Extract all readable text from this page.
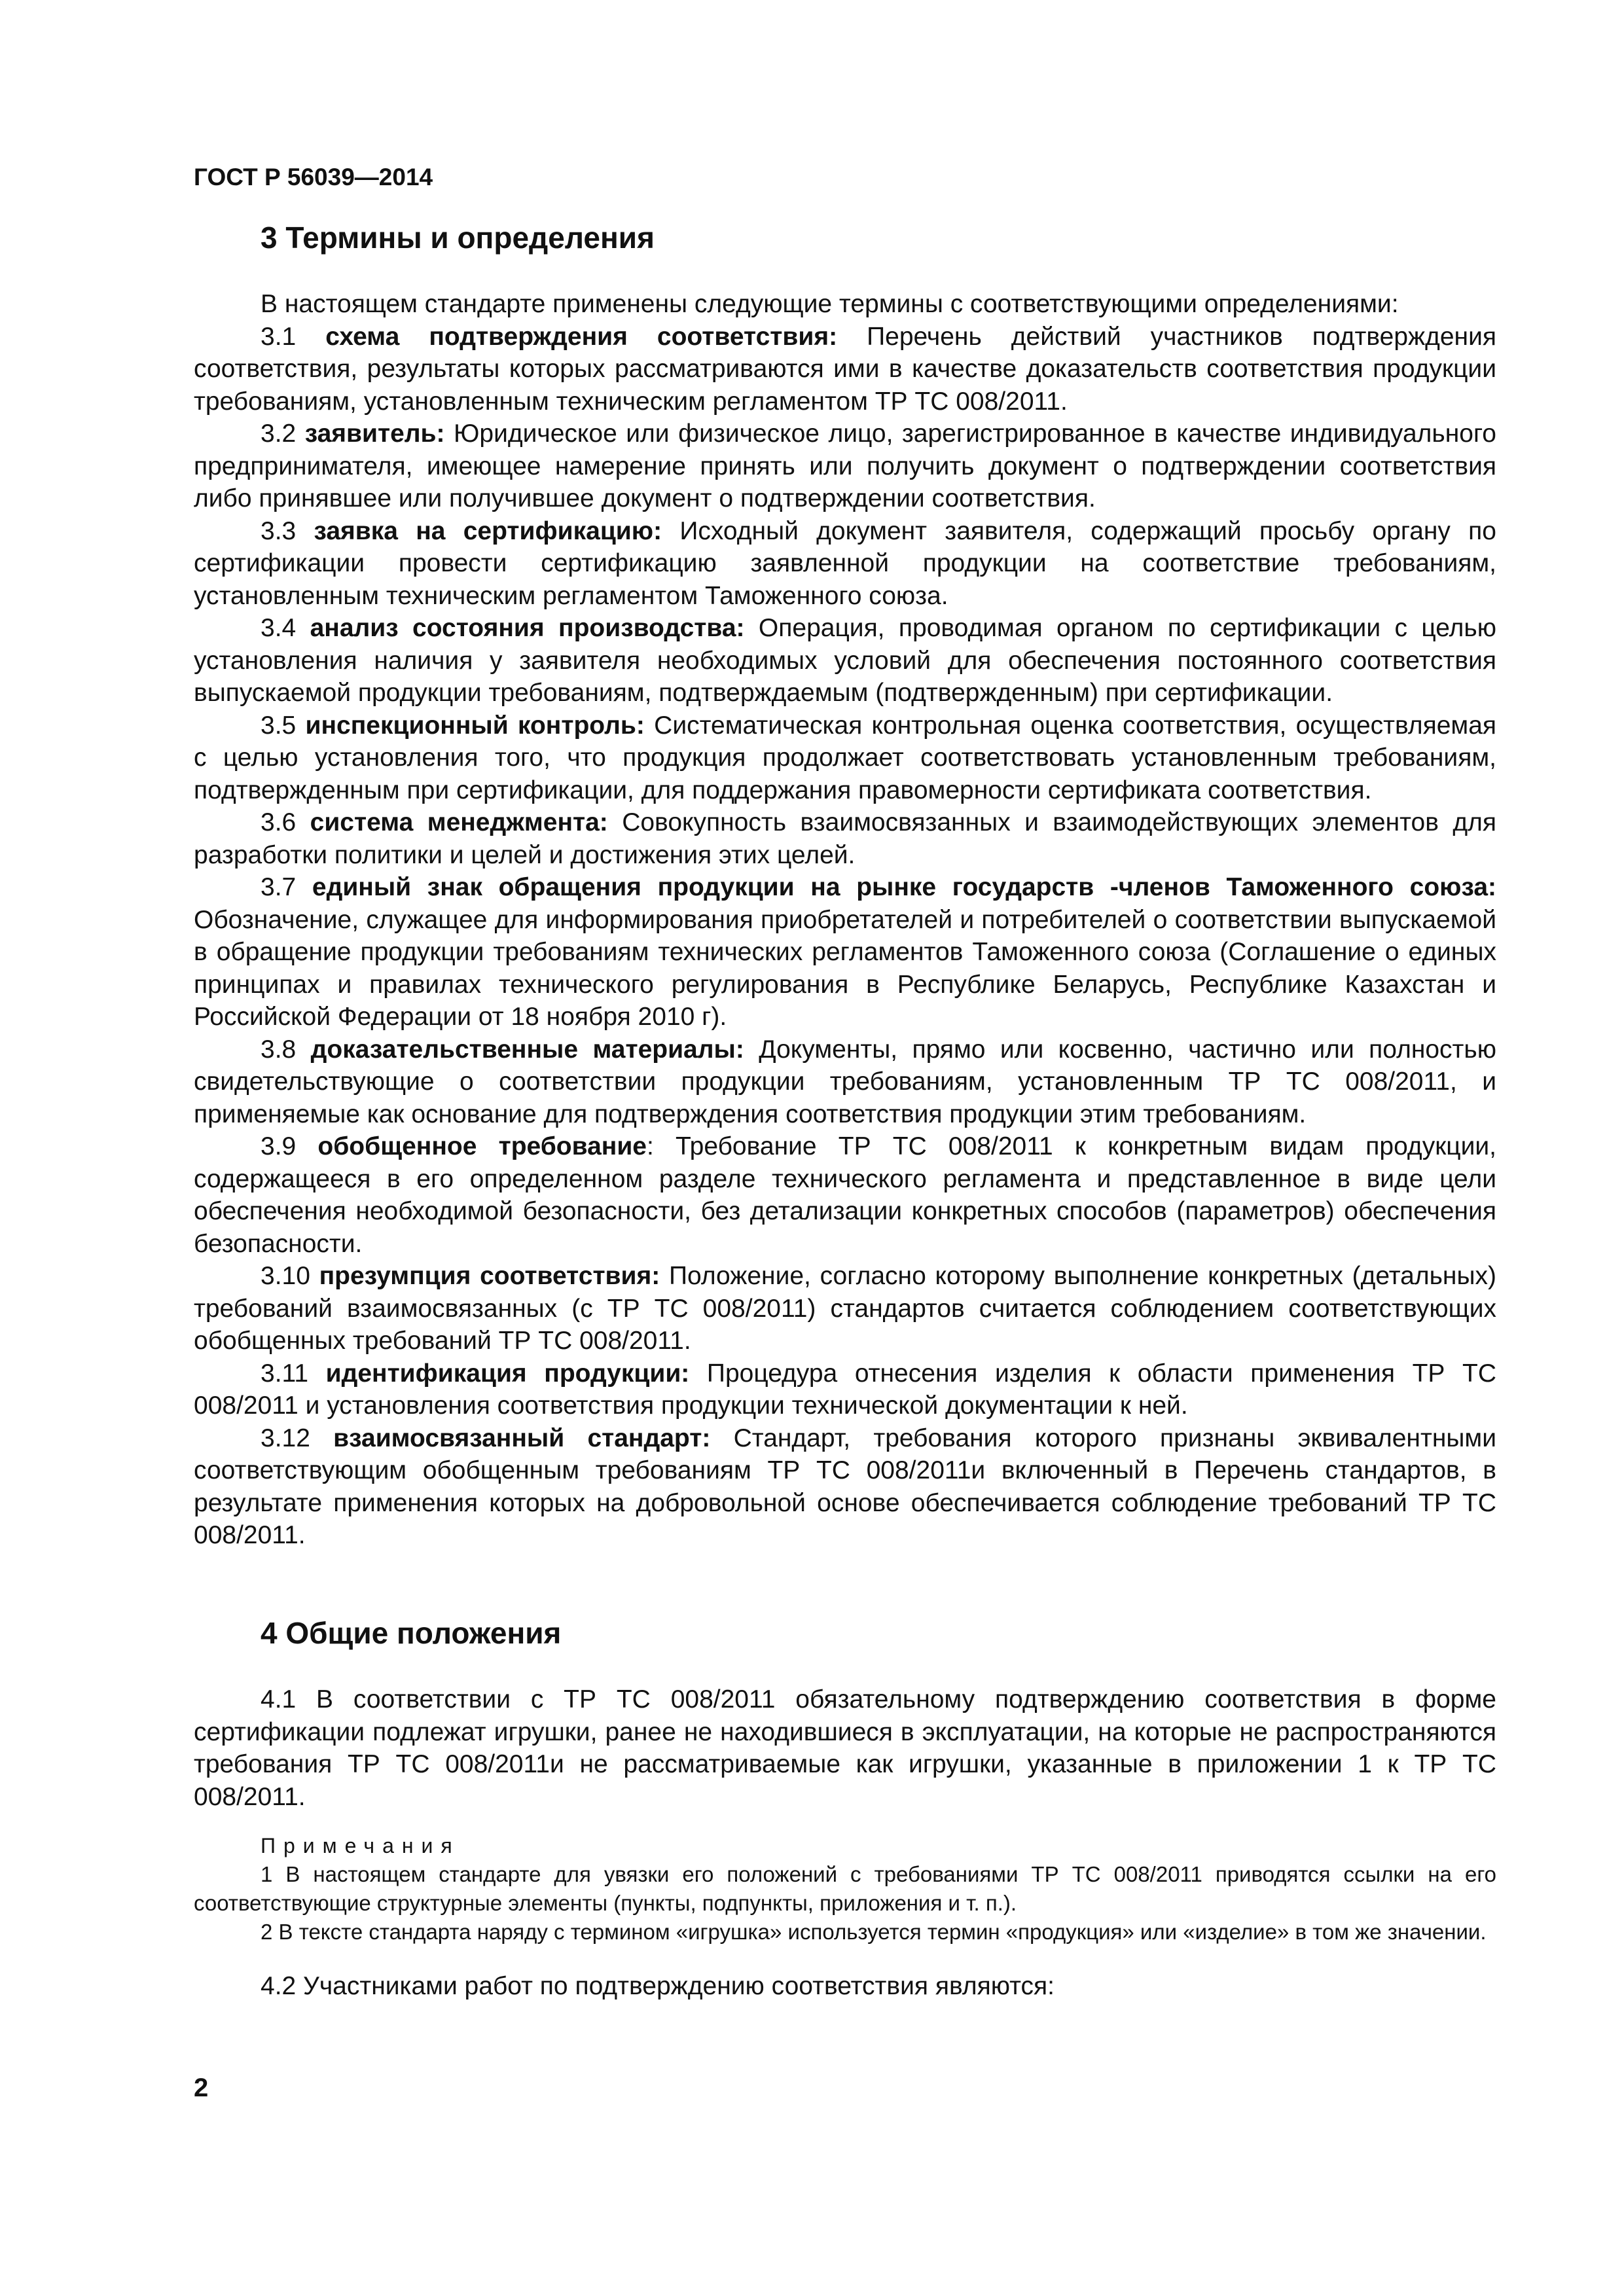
ГОСТ Р 56039—2014
3 Термины и определения

В настоящем стандарте применены следующие термины с соответствующими определениями:

3.1 схема подтверждения соответствия: Перечень действий участников подтверждения соответствия, результаты которых рассматриваются ими в качестве доказательств соответствия продукции требованиям, установленным техническим регламентом ТР ТС 008/2011.

3.2 заявитель: Юридическое или физическое лицо, зарегистрированное в качестве индивидуального предпринимателя, имеющее намерение принять или получить документ о подтверждении соответствия либо принявшее или получившее документ о подтверждении соответствия.

3.3 заявка на сертификацию: Исходный документ заявителя, содержащий просьбу органу по сертификации провести сертификацию заявленной продукции на соответствие требованиям, установленным техническим регламентом Таможенного союза.

3.4 анализ состояния производства: Операция, проводимая органом по сертификации с целью установления наличия у заявителя необходимых условий для обеспечения постоянного соответствия выпускаемой продукции требованиям, подтверждаемым (подтвержденным) при сертификации.

3.5 инспекционный контроль: Систематическая контрольная оценка соответствия, осуществляемая с целью установления того, что продукция продолжает соответствовать установленным требованиям, подтвержденным при сертификации, для поддержания правомерности сертификата соответствия.

3.6 система менеджмента: Совокупность взаимосвязанных и взаимодействующих элементов для разработки политики и целей и достижения этих целей.

3.7 единый знак обращения продукции на рынке государств -членов Таможенного союза: Обозначение, служащее для информирования приобретателей и потребителей о соответствии выпускаемой в обращение продукции требованиям технических регламентов Таможенного союза (Соглашение о единых принципах и правилах технического регулирования в Республике Беларусь, Республике Казахстан и Российской Федерации от 18 ноября 2010 г).

3.8 доказательственные материалы: Документы, прямо или косвенно, частично или полностью свидетельствующие о соответствии продукции требованиям, установленным ТР ТС 008/2011, и применяемые как основание для подтверждения соответствия продукции этим требованиям.

3.9 обобщенное требование: Требование ТР ТС 008/2011 к конкретным видам продукции, содержащееся в его определенном разделе технического регламента и представленное в виде цели обеспечения необходимой безопасности, без детализации конкретных способов (параметров) обеспечения безопасности.

3.10 презумпция соответствия: Положение, согласно которому выполнение конкретных (детальных) требований взаимосвязанных (с ТР ТС 008/2011) стандартов считается соблюдением соответствующих обобщенных требований ТР ТС 008/2011.

3.11 идентификация продукции: Процедура отнесения изделия к области применения ТР ТС 008/2011 и установления соответствия продукции технической документации к ней.

3.12 взаимосвязанный стандарт: Стандарт, требования которого признаны эквивалентными соответствующим обобщенным требованиям ТР ТС 008/2011и включенный в Перечень стандартов, в результате применения которых на добровольной основе обеспечивается соблюдение требований ТР ТС 008/2011.

4 Общие положения

4.1 В соответствии с ТР ТС 008/2011 обязательному подтверждению соответствия в форме сертификации подлежат игрушки, ранее не находившиеся в эксплуатации, на которые не распространяются требования ТР ТС 008/2011и не рассматриваемые как игрушки, указанные в приложении 1 к ТР ТС 008/2011.

Примечания

1 В настоящем стандарте для увязки его положений с требованиями ТР ТС 008/2011 приводятся ссылки на его соответствующие структурные элементы (пункты, подпункты, приложения и т. п.).

2 В тексте стандарта наряду с термином «игрушка» используется термин «продукция» или «изделие» в том же значении.

4.2 Участниками работ по подтверждению соответствия являются:

2
